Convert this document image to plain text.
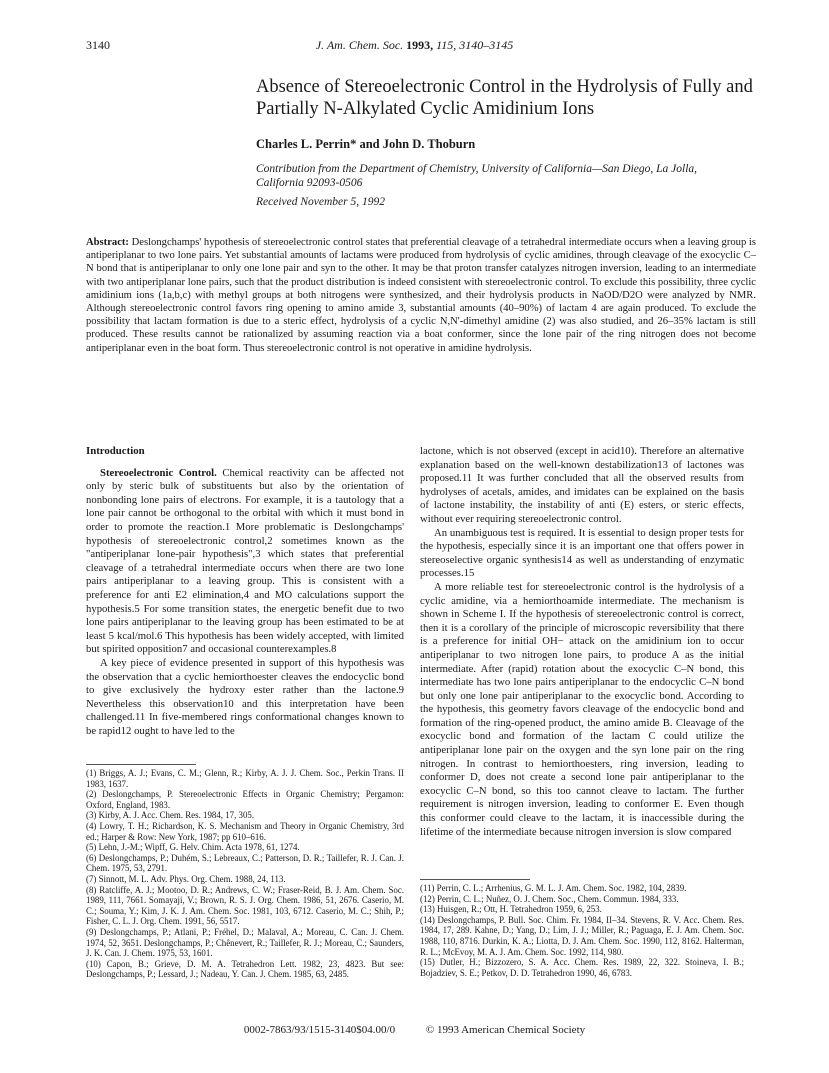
3140	J. Am. Chem. Soc. 1993, 115, 3140–3145
Absence of Stereoelectronic Control in the Hydrolysis of Fully and Partially N-Alkylated Cyclic Amidinium Ions
Charles L. Perrin* and John D. Thoburn
Contribution from the Department of Chemistry, University of California—San Diego, La Jolla, California 92093-0506
Received November 5, 1992
Abstract: Deslongchamps' hypothesis of stereoelectronic control states that preferential cleavage of a tetrahedral intermediate occurs when a leaving group is antiperiplanar to two lone pairs. Yet substantial amounts of lactams were produced from hydrolysis of cyclic amidines, through cleavage of the exocyclic C–N bond that is antiperiplanar to only one lone pair and syn to the other. It may be that proton transfer catalyzes nitrogen inversion, leading to an intermediate with two antiperiplanar lone pairs, such that the product distribution is indeed consistent with stereoelectronic control. To exclude this possibility, three cyclic amidinium ions (1a,b,c) with methyl groups at both nitrogens were synthesized, and their hydrolysis products in NaOD/D2O were analyzed by NMR. Although stereoelectronic control favors ring opening to amino amide 3, substantial amounts (40–90%) of lactam 4 are again produced. To exclude the possibility that lactam formation is due to a steric effect, hydrolysis of a cyclic N,N'-dimethyl amidine (2) was also studied, and 26–35% lactam is still produced. These results cannot be rationalized by assuming reaction via a boat conformer, since the lone pair of the ring nitrogen does not become antiperiplanar even in the boat form. Thus stereoelectronic control is not operative in amidine hydrolysis.
Introduction

Stereoelectronic Control. Chemical reactivity can be affected not only by steric bulk of substituents but also by the orientation of nonbonding lone pairs of electrons. For example, it is a tautology that a lone pair cannot be orthogonal to the orbital with which it must bond in order to promote the reaction.1 More problematic is Deslongchamps' hypothesis of stereoelectronic control,2 sometimes known as the "antiperiplanar lone-pair hypothesis",3 which states that preferential cleavage of a tetrahedral intermediate occurs when there are two lone pairs antiperiplanar to a leaving group. This is consistent with a preference for anti E2 elimination,4 and MO calculations support the hypothesis.5 For some transition states, the energetic benefit due to two lone pairs antiperiplanar to the leaving group has been estimated to be at least 5 kcal/mol.6 This hypothesis has been widely accepted, with limited but spirited opposition7 and occasional counterexamples.8

A key piece of evidence presented in support of this hypothesis was the observation that a cyclic hemiorthoester cleaves the endocyclic bond to give exclusively the hydroxy ester rather than the lactone.9 Nevertheless this observation10 and this interpretation have been challenged.11 In five-membered rings conformational changes known to be rapid12 ought to have led to the

lactone, which is not observed (except in acid10). Therefore an alternative explanation based on the well-known destabilization13 of lactones was proposed.11 It was further concluded that all the observed results from hydrolyses of acetals, amides, and imidates can be explained on the basis of lactone instability, the instability of anti (E) esters, or steric effects, without ever requiring stereoelectronic control.

An unambiguous test is required. It is essential to design proper tests for the hypothesis, especially since it is an important one that offers power in stereoselective organic synthesis14 as well as understanding of enzymatic processes.15

A more reliable test for stereoelectronic control is the hydrolysis of a cyclic amidine, via a hemiorthoamide intermediate. The mechanism is shown in Scheme I. If the hypothesis of stereoelectronic control is correct, then it is a corollary of the principle of microscopic reversibility that there is a preference for initial OH− attack on the amidinium ion to occur antiperiplanar to two nitrogen lone pairs, to produce A as the initial intermediate. After (rapid) rotation about the exocyclic C–N bond, this intermediate has two lone pairs antiperiplanar to the endocyclic C–N bond but only one lone pair antiperiplanar to the exocyclic bond. According to the hypothesis, this geometry favors cleavage of the endocyclic bond and formation of the ring-opened product, the amino amide B. Cleavage of the exocyclic bond and formation of the lactam C could utilize the antiperiplanar lone pair on the oxygen and the syn lone pair on the ring nitrogen. In contrast to hemiorthoesters, ring inversion, leading to conformer D, does not create a second lone pair antiperiplanar to the exocyclic C–N bond, so this too cannot cleave to lactam. The further requirement is nitrogen inversion, leading to conformer E. Even though this conformer could cleave to the lactam, it is inaccessible during the lifetime of the intermediate because nitrogen inversion is slow compared

(1) Briggs, A. J.; Evans, C. M.; Glenn, R.; Kirby, A. J. J. Chem. Soc., Perkin Trans. II 1983, 1637.
(2) Deslongchamps, P. Stereoelectronic Effects in Organic Chemistry; Pergamon: Oxford, England, 1983.
(3) Kirby, A. J. Acc. Chem. Res. 1984, 17, 305.
(4) Lowry, T. H.; Richardson, K. S. Mechanism and Theory in Organic Chemistry, 3rd ed.; Harper & Row: New York, 1987; pp 610–616.
(5) Lehn, J.-M.; Wipff, G. Helv. Chim. Acta 1978, 61, 1274.
(6) Deslongchamps, P.; Duhém, S.; Lebreaux, C.; Patterson, D. R.; Taillefer, R. J. Can. J. Chem. 1975, 53, 2791.
(7) Sinnott, M. L. Adv. Phys. Org. Chem. 1988, 24, 113.
(8) Ratcliffe, A. J.; Mootoo, D. R.; Andrews, C. W.; Fraser-Reid, B. J. Am. Chem. Soc. 1989, 111, 7661. Somayaji, V.; Brown, R. S. J. Org. Chem. 1986, 51, 2676. Caserio, M. C.; Souma, Y.; Kim, J. K. J. Am. Chem. Soc. 1981, 103, 6712. Caserio, M. C.; Shih, P.; Fisher, C. L. J. Org. Chem. 1991, 56, 5517.
(9) Deslongchamps, P.; Atlani, P.; Fréhel, D.; Malaval, A.; Moreau, C. Can. J. Chem. 1974, 52, 3651. Deslongchamps, P.; Chênevert, R.; Taillefer, R. J.; Moreau, C.; Saunders, J. K. Can. J. Chem. 1975, 53, 1601.
(10) Capon, B.; Grieve, D. M. A. Tetrahedron Lett. 1982, 23, 4823. But see: Deslongchamps, P.; Lessard, J.; Nadeau, Y. Can. J. Chem. 1985, 63, 2485.
(11) Perrin, C. L.; Arrhenius, G. M. L. J. Am. Chem. Soc. 1982, 104, 2839.
(12) Perrin, C. L.; Nuñez, O. J. Chem. Soc., Chem. Commun. 1984, 333.
(13) Huisgen, R.; Ott, H. Tetrahedron 1959, 6, 253.
(14) Deslongchamps, P. Bull. Soc. Chim. Fr. 1984, II–34. Stevens, R. V. Acc. Chem. Res. 1984, 17, 289. Kahne, D.; Yang, D.; Lim, J. J.; Miller, R.; Paguaga, E. J. Am. Chem. Soc. 1988, 110, 8716. Durkin, K. A.; Liotta, D. J. Am. Chem. Soc. 1990, 112, 8162. Halterman, R. L.; McEvoy, M. A. J. Am. Chem. Soc. 1992, 114, 980.
(15) Dutler, H.; Bizzozero, S. A. Acc. Chem. Res. 1989, 22, 322. Stoineva, I. B.; Bojadziev, S. E.; Petkov, D. D. Tetrahedron 1990, 46, 6783.
0002-7863/93/1515-3140$04.00/0	© 1993 American Chemical Society
